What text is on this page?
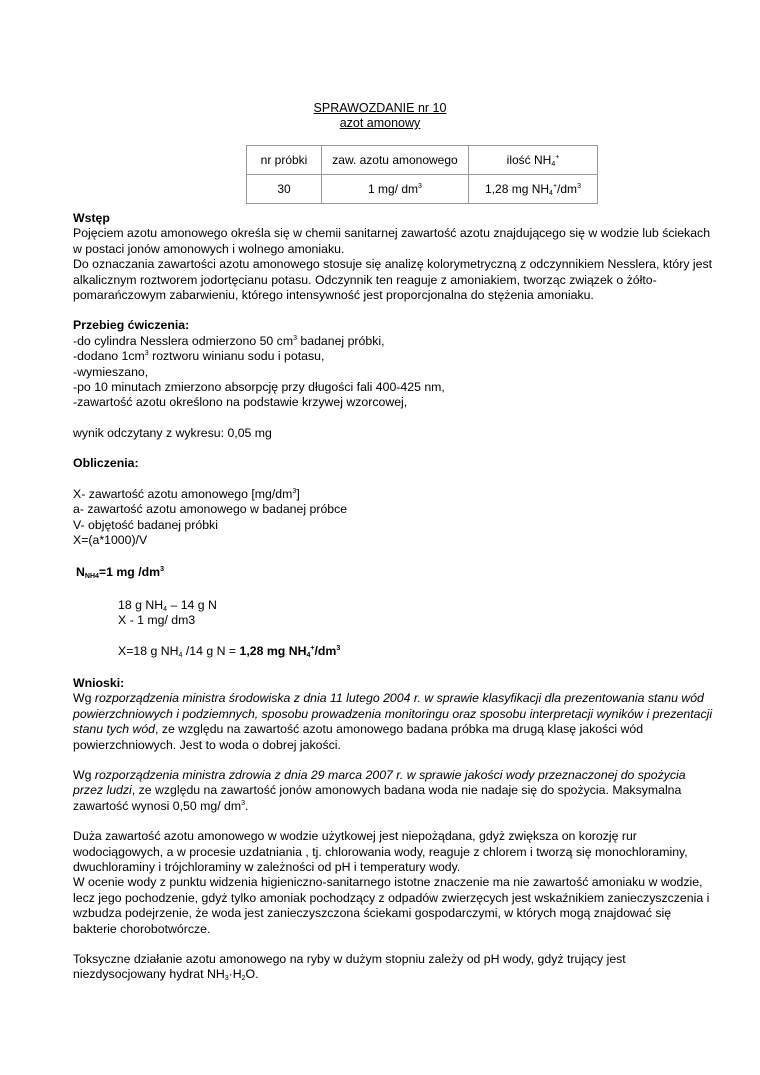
SPRAWOZDANIE nr 10
azot amonowy
nr próbki	zaw. azotu amonowego	ilość $NH_4^+$
30	1 mg/ $dm^3$	1,28 mg $NH_4^+/dm^3$

Wstęp

Pojęciem azotu amonowego określa się w chemii sanitarnej zawartość azotu znajdującego się w wodzie lub ściekach w postaci jonów amonowych i wolnego amoniaku.

Do oznaczania zawartości azotu amonowego stosuje się analizę kolorymetryczną z odczynnikiem Nesslera, który jest alkalicznym roztworem jodortęcianu potasu. Odczynnik ten reaguje z amoniakiem, tworząc związek o żółto-pomarańczowym zabarwieniu, którego intensywność jest proporcjonalna do stężenia amoniaku.

Przebieg ćwiczenia:

-do cylindra Nesslera odmierzono 50 $cm^3$ badanej próbki,

-dodano $1cm^3$ roztworu winianu sodu i potasu,

-wymieszano,

-po 10 minutach zmierzono absorpcję przy długości fali 400-425 nm,

-zawartość azotu określono na podstawie krzywej wzorcowej,

wynik odczytany z wykresu: 0,05 mg

Obliczenia:

X- zawartość azotu amonowego $[mg/dm^3]$

a- zawartość azotu amonowego w badanej próbce

V- objętość badanej próbki

X=(a*1000)/V

$N_{NH4}=1$ mg $/dm^3$

18 g $NH_4 - 14$ g N

X - 1 mg/ dm3

X=18 g $NH_4$ /14 g N = 1,28 mg $NH_4^+/dm^3$

Wnioski:

Wg rozporządzenia ministra środowiska z dnia 11 lutego 2004 r. w sprawie klasyfikacji dla prezentowania stanu wód powierzchniowych i podziemnych, sposobu prowadzenia monitoringu oraz sposobu interpretacji wyników i prezentacji stanu tych wód, ze względu na zawartość azotu amonowego badana próbka ma drugą klasę jakości wód powierzchniowych. Jest to woda o dobrej jakości.

Wg rozporządzenia ministra zdrowia z dnia 29 marca 2007 r. w sprawie jakości wody przeznaczonej do spożycia przez ludzi, ze względu na zawartość jonów amonowych badana woda nie nadaje się do spożycia. Maksymalna zawartość wynosi 0,50 mg/ $dm^3$.

Duża zawartość azotu amonowego w wodzie użytkowej jest niepożądana, gdyż zwiększa on korozję rur wodociągowych, a w procesie uzdatniania , tj. chlorowania wody, reaguje z chlorem i tworzą się monochloraminy, dwuchloraminy i trójchloraminy w zależności od pH i temperatury wody.

W ocenie wody z punktu widzenia higieniczno-sanitarnego istotne znaczenie ma nie zawartość amoniaku w wodzie, lecz jego pochodzenie, gdyż tylko amoniak pochodzący z odpadów zwierzęcych jest wskaźnikiem zanieczyszczenia i wzbudza podejrzenie, że woda jest zanieczyszczona ściekami gospodarczymi, w których mogą znajdować się bakterie chorobotwórcze.

Toksyczne działanie azotu amonowego na ryby w dużym stopniu zależy od pH wody, gdyż trujący jest niezdysocjowany hydrat $NH_3\cdot H_2O$.
